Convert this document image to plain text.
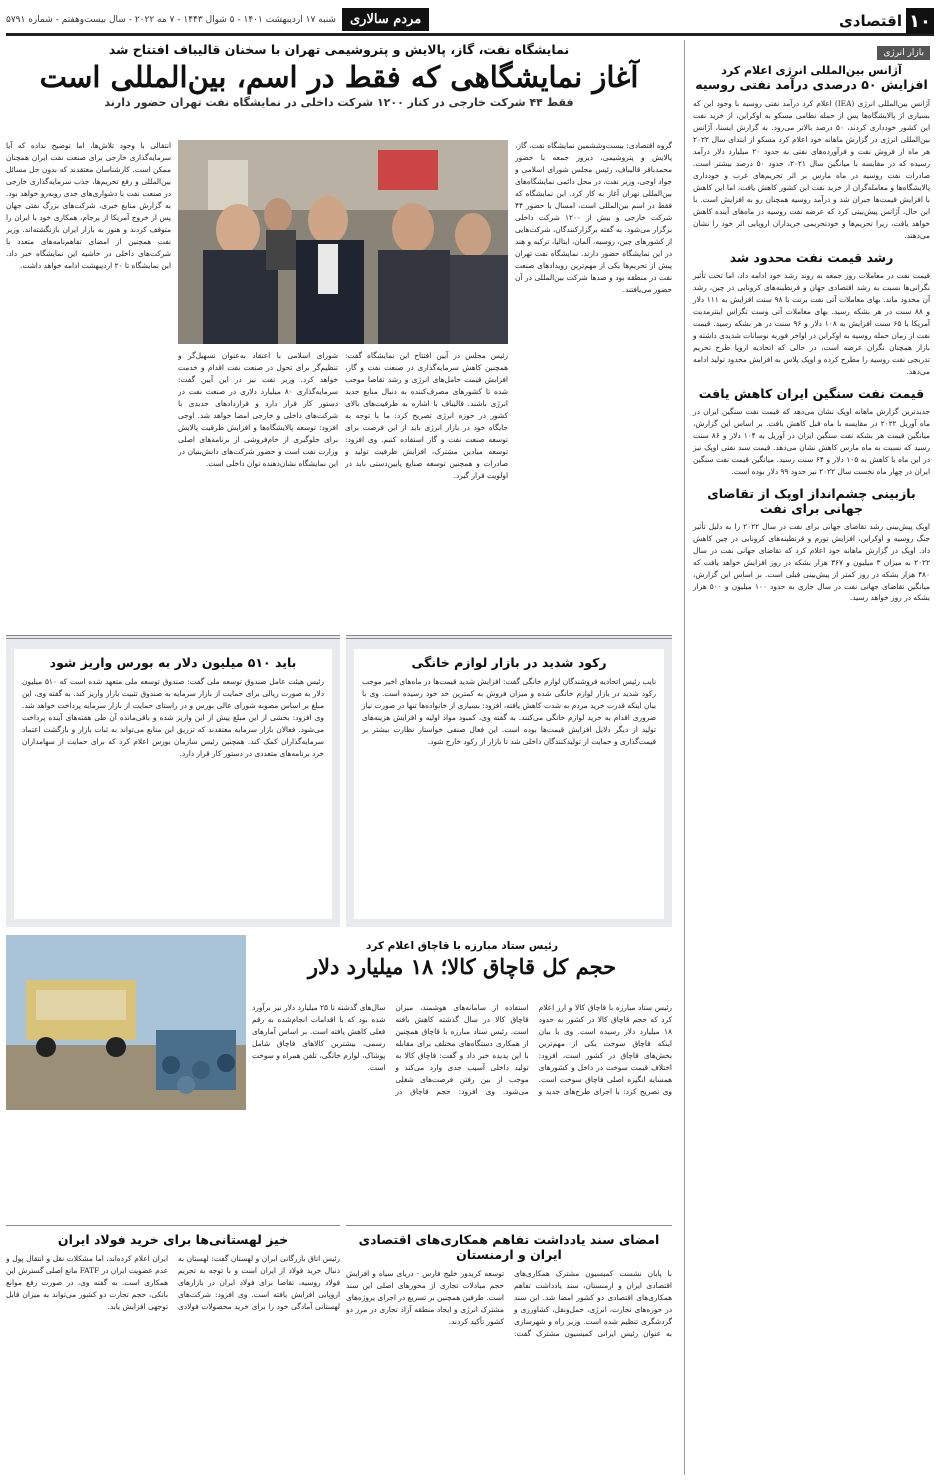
۱۰
اقتصادی
مردم سالاری
شنبه ۱۷ اردیبهشت ۱۴۰۱ - ۵ شوال ۱۴۴۳ - ۷ مه ۲۰۲۲ - سال بیست‌وهفتم - شماره ۵۷۹۱
بازار انرژی
آژانس بین‌المللی انرژی اعلام کرد
افزایش ۵۰ درصدی درآمد نفتی روسیه

آژانس بین‌المللی انرژی (IEA) اعلام کرد درآمد نفتی روسیه با وجود این که بسیاری از پالایشگاه‌ها پس از حمله نظامی مسکو به اوکراین، از خرید نفت این کشور خودداری کردند، ۵۰ درصد بالاتر می‌رود. به گزارش ایسنا، آژانس بین‌المللی انرژی در گزارش ماهانه خود اعلام کرد مسکو از ابتدای سال ۲۰۲۲ هر ماه از فروش نفت و فرآورده‌های نفتی به حدود ۲۰ میلیارد دلار درآمد رسیده که در مقایسه با میانگین سال ۲۰۲۱، حدود ۵۰ درصد بیشتر است. صادرات نفت روسیه در ماه مارس بر اثر تحریم‌های غرب و خودداری پالایشگاه‌ها و معامله‌گران از خرید نفت این کشور کاهش یافت، اما این کاهش با افزایش قیمت‌ها جبران شد و درآمد روسیه همچنان رو به افزایش است. با این حال، آژانس پیش‌بینی کرد که عرضه نفت روسیه در ماه‌های آینده کاهش خواهد یافت، زیرا تحریم‌ها و خودتحریمی خریداران اروپایی اثر خود را نشان می‌دهند.

رشد قیمت نفت محدود شد

قیمت نفت در معاملات روز جمعه به روند رشد خود ادامه داد، اما تحت تأثیر نگرانی‌ها نسبت به رشد اقتصادی جهان و قرنطینه‌های کرونایی در چین، رشد آن محدود ماند. بهای معاملات آتی نفت برنت با ۹۸ سنت افزایش به ۱۱۱ دلار و ۸۸ سنت در هر بشکه رسید. بهای معاملات آتی وست تگزاس اینترمدیت آمریکا با ۶۵ سنت افزایش به ۱۰۸ دلار و ۹۶ سنت در هر بشکه رسید. قیمت نفت از زمان حمله روسیه به اوکراین در اواخر فوریه نوسانات شدیدی داشته و بازار همچنان نگران عرضه است، در حالی که اتحادیه اروپا طرح تحریم تدریجی نفت روسیه را مطرح کرده و اوپک پلاس به افزایش محدود تولید ادامه می‌دهد.

قیمت نفت سنگین ایران کاهش یافت

جدیدترین گزارش ماهانه اوپک نشان می‌دهد که قیمت نفت سنگین ایران در ماه آوریل ۲۰۲۲ در مقایسه با ماه قبل کاهش یافت. بر اساس این گزارش، میانگین قیمت هر بشکه نفت سنگین ایران در آوریل به ۱۰۴ دلار و ۸۶ سنت رسید که نسبت به ماه مارس کاهش نشان می‌دهد. قیمت سبد نفتی اوپک نیز در این ماه با کاهش به ۱۰۵ دلار و ۶۴ سنت رسید. میانگین قیمت نفت سنگین ایران در چهار ماه نخست سال ۲۰۲۲ نیز حدود ۹۹ دلار بوده است.

بازبینی چشم‌انداز اوپک از تقاضای جهانی برای نفت

اوپک پیش‌بینی رشد تقاضای جهانی برای نفت در سال ۲۰۲۲ را به دلیل تأثیر جنگ روسیه و اوکراین، افزایش تورم و قرنطینه‌های کرونایی در چین کاهش داد. اوپک در گزارش ماهانه خود اعلام کرد که تقاضای جهانی نفت در سال ۲۰۲۲ به میزان ۳ میلیون و ۳۶۷ هزار بشکه در روز افزایش خواهد یافت که ۴۸۰ هزار بشکه در روز کمتر از پیش‌بینی قبلی است. بر اساس این گزارش، میانگین تقاضای جهانی نفت در سال جاری به حدود ۱۰۰ میلیون و ۵۰۰ هزار بشکه در روز خواهد رسید.

نمایشگاه نفت، گاز، پالایش و پتروشیمی تهران با سخنان قالیباف افتتاح شد
آغاز نمایشگاهی که فقط در اسم، بین‌المللی است
فقط ۴۴ شرکت خارجی در کنار ۱۲۰۰ شرکت داخلی در نمایشگاه نفت تهران حضور دارند
گروه اقتصادی: بیست‌وششمین نمایشگاه نفت، گاز، پالایش و پتروشیمی، دیروز جمعه با حضور محمدباقر قالیباف، رئیس مجلس شورای اسلامی و جواد اوجی، وزیر نفت، در محل دائمی نمایشگاه‌های بین‌المللی تهران آغاز به کار کرد. این نمایشگاه که فقط در اسم بین‌المللی است، امسال با حضور ۴۴ شرکت خارجی و بیش از ۱۲۰۰ شرکت داخلی برگزار می‌شود. به گفته برگزارکنندگان، شرکت‌هایی از کشورهای چین، روسیه، آلمان، ایتالیا، ترکیه و هند در این نمایشگاه حضور دارند. نمایشگاه نفت تهران پیش از تحریم‌ها یکی از مهم‌ترین رویدادهای صنعت نفت در منطقه بود و صدها شرکت بین‌المللی در آن حضور می‌یافتند.
رئیس مجلس در آیین افتتاح این نمایشگاه گفت: همچنین کاهش سرمایه‌گذاری در صنعت نفت و گاز، افزایش قیمت حامل‌های انرژی و رشد تقاضا موجب شده تا کشورهای مصرف‌کننده به دنبال منابع جدید انرژی باشند. قالیباف با اشاره به ظرفیت‌های بالای کشور در حوزه انرژی تصریح کرد: ما با توجه به جایگاه خود در بازار انرژی باید از این فرصت برای توسعه صنعت نفت و گاز استفاده کنیم. وی افزود: توسعه میادین مشترک، افزایش ظرفیت تولید و صادرات و همچنین توسعه صنایع پایین‌دستی باید در اولویت قرار گیرد.
شورای اسلامی با اعتقاد به‌عنوان تسهیل‌گر و تنظیم‌گر برای تحول در صنعت نفت اقدام و خدمت خواهد کرد. وزیر نفت نیز در این آیین گفت: سرمایه‌گذاری ۸۰ میلیارد دلاری در صنعت نفت در دستور کار قرار دارد و قراردادهای جدیدی با شرکت‌های داخلی و خارجی امضا خواهد شد. اوجی افزود: توسعه پالایشگاه‌ها و افزایش ظرفیت پالایش برای جلوگیری از خام‌فروشی از برنامه‌های اصلی وزارت نفت است و حضور شرکت‌های دانش‌بنیان در این نمایشگاه نشان‌دهنده توان داخلی است.
انتقالی با وجود تلاش‌ها، اما توضیح نداده که آیا سرمایه‌گذاری خارجی برای صنعت نفت ایران همچنان ممکن است. کارشناسان معتقدند که بدون حل مسائل بین‌المللی و رفع تحریم‌ها، جذب سرمایه‌گذاری خارجی در صنعت نفت با دشواری‌های جدی روبه‌رو خواهد بود. به گزارش منابع خبری، شرکت‌های بزرگ نفتی جهان پس از خروج آمریکا از برجام، همکاری خود با ایران را متوقف کردند و هنوز به بازار ایران بازنگشته‌اند. وزیر نفت همچنین از امضای تفاهم‌نامه‌های متعدد با شرکت‌های داخلی در حاشیه این نمایشگاه خبر داد. این نمایشگاه تا ۲۰ اردیبهشت ادامه خواهد داشت.
باید ۵۱۰ میلیون دلار به بورس واریز شود

رئیس هیئت عامل صندوق توسعه ملی گفت: صندوق توسعه ملی متعهد شده است که ۵۱۰ میلیون دلار به صورت ریالی برای حمایت از بازار سرمایه به صندوق تثبیت بازار واریز کند. به گفته وی، این مبلغ بر اساس مصوبه شورای عالی بورس و در راستای حمایت از بازار سرمایه پرداخت خواهد شد. وی افزود: بخشی از این مبلغ پیش از این واریز شده و باقی‌مانده آن طی هفته‌های آینده پرداخت می‌شود. فعالان بازار سرمایه معتقدند که تزریق این منابع می‌تواند به ثبات بازار و بازگشت اعتماد سرمایه‌گذاران کمک کند. همچنین رئیس سازمان بورس اعلام کرد که برای حمایت از سهامداران خرد برنامه‌های متعددی در دستور کار قرار دارد.

رکود شدید در بازار لوازم خانگی

نایب رئیس اتحادیه فروشندگان لوازم خانگی گفت: افزایش شدید قیمت‌ها در ماه‌های اخیر موجب رکود شدید در بازار لوازم خانگی شده و میزان فروش به کمترین حد خود رسیده است. وی با بیان اینکه قدرت خرید مردم به شدت کاهش یافته، افزود: بسیاری از خانواده‌ها تنها در صورت نیاز ضروری اقدام به خرید لوازم خانگی می‌کنند. به گفته وی، کمبود مواد اولیه و افزایش هزینه‌های تولید از دیگر دلایل افزایش قیمت‌ها بوده است. این فعال صنفی خواستار نظارت بیشتر بر قیمت‌گذاری و حمایت از تولیدکنندگان داخلی شد تا بازار از رکود خارج شود.

رئیس ستاد مبارزه با قاچاق اعلام کرد
حجم کل قاچاق کالا؛ ۱۸ میلیارد دلار
رئیس ستاد مبارزه با قاچاق کالا و ارز اعلام کرد که حجم قاچاق کالا در کشور به حدود ۱۸ میلیارد دلار رسیده است. وی با بیان اینکه قاچاق سوخت یکی از مهم‌ترین بخش‌های قاچاق در کشور است، افزود: اختلاف قیمت سوخت در داخل و کشورهای همسایه انگیزه اصلی قاچاق سوخت است. وی تصریح کرد: با اجرای طرح‌های جدید و استفاده از سامانه‌های هوشمند، میزان قاچاق کالا در سال گذشته کاهش یافته است. رئیس ستاد مبارزه با قاچاق همچنین از همکاری دستگاه‌های مختلف برای مقابله با این پدیده خبر داد و گفت: قاچاق کالا به تولید داخلی آسیب جدی وارد می‌کند و موجب از بین رفتن فرصت‌های شغلی می‌شود. وی افزود: حجم قاچاق در سال‌های گذشته تا ۲۵ میلیارد دلار نیز برآورد شده بود که با اقدامات انجام‌شده به رقم فعلی کاهش یافته است. بر اساس آمارهای رسمی، بیشترین کالاهای قاچاق شامل پوشاک، لوازم خانگی، تلفن همراه و سوخت است.
امضای سند یادداشت تفاهم همکاری‌های اقتصادی ایران و ارمنستان

با پایان نشست کمیسیون مشترک همکاری‌های اقتصادی ایران و ارمنستان، سند یادداشت تفاهم همکاری‌های اقتصادی دو کشور امضا شد. این سند در حوزه‌های تجارت، انرژی، حمل‌ونقل، کشاورزی و گردشگری تنظیم شده است. وزیر راه و شهرسازی به عنوان رئیس ایرانی کمیسیون مشترک گفت: توسعه کریدور خلیج فارس - دریای سیاه و افزایش حجم مبادلات تجاری از محورهای اصلی این سند است. طرفین همچنین بر تسریع در اجرای پروژه‌های مشترک انرژی و ایجاد منطقه آزاد تجاری در مرز دو کشور تأکید کردند.

خیز لهستانی‌ها برای خرید فولاد ایران

رئیس اتاق بازرگانی ایران و لهستان گفت: لهستان به دنبال خرید فولاد از ایران است و با توجه به تحریم فولاد روسیه، تقاضا برای فولاد ایران در بازارهای اروپایی افزایش یافته است. وی افزود: شرکت‌های لهستانی آمادگی خود را برای خرید محصولات فولادی ایران اعلام کرده‌اند، اما مشکلات نقل و انتقال پول و عدم عضویت ایران در FATF مانع اصلی گسترش این همکاری است. به گفته وی، در صورت رفع موانع بانکی، حجم تجارت دو کشور می‌تواند به میزان قابل توجهی افزایش یابد.
